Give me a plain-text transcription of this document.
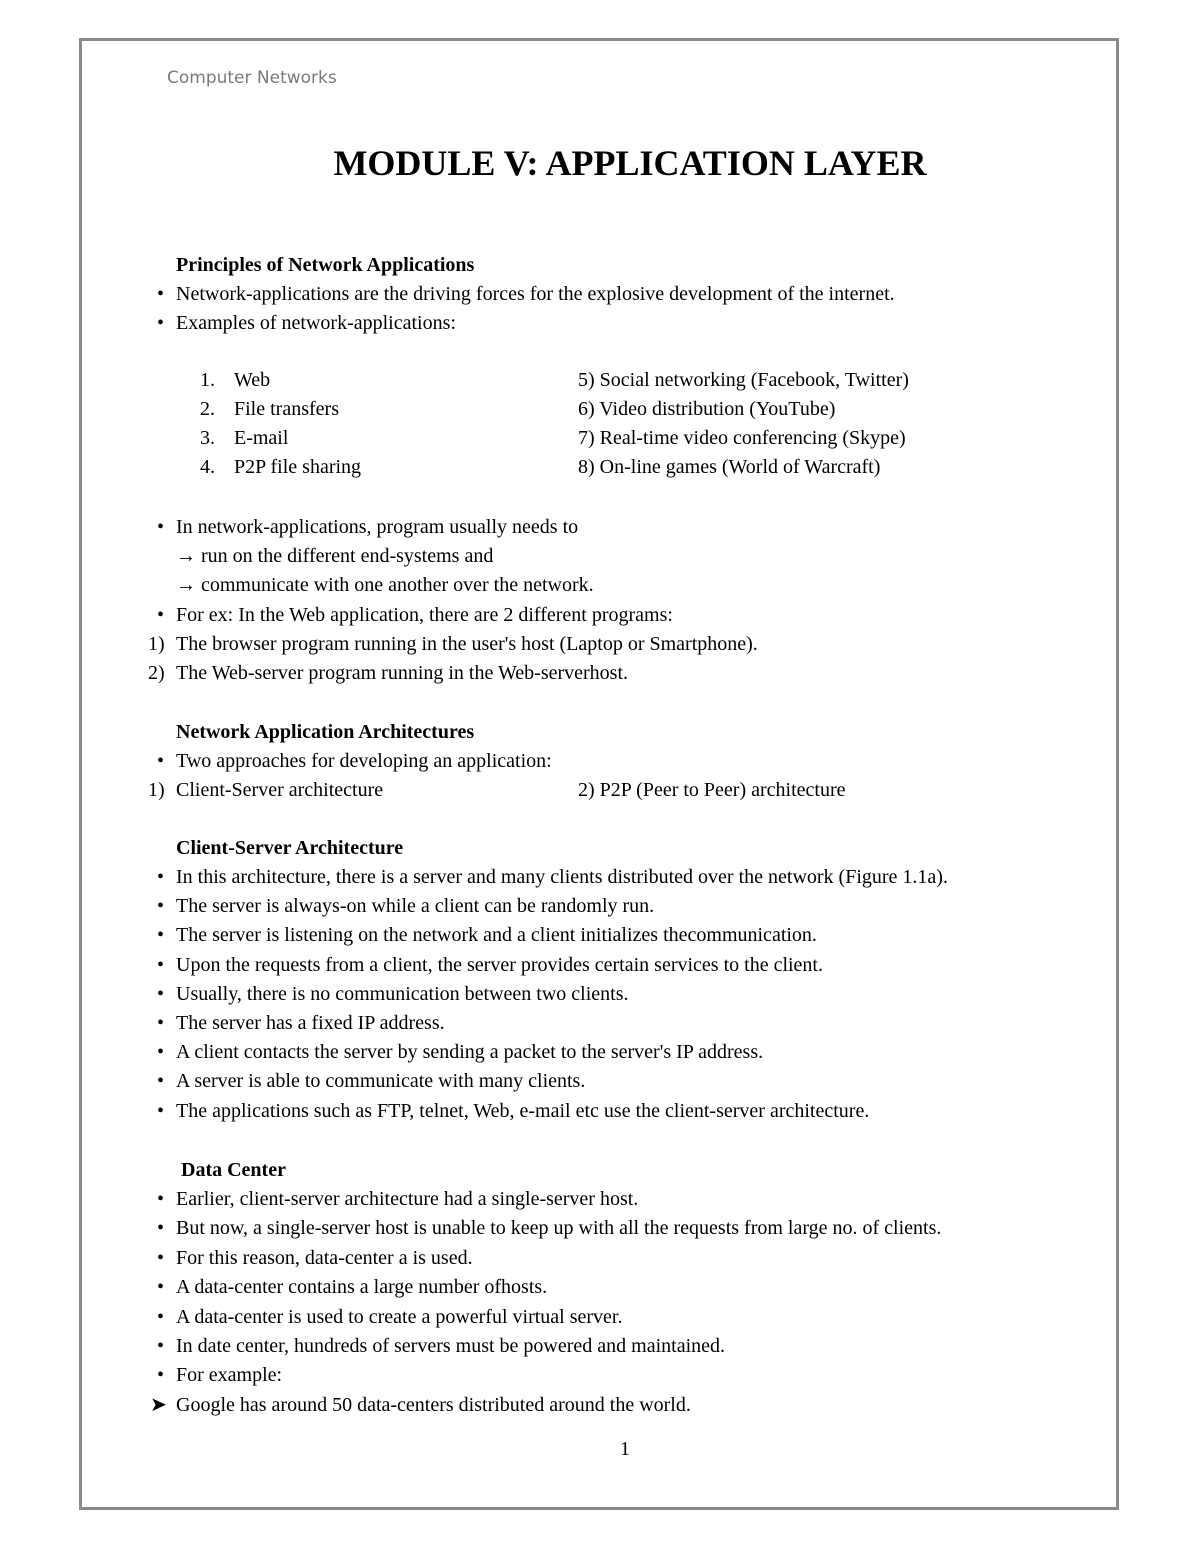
Computer Networks
MODULE V: APPLICATION LAYER
Principles of Network Applications
• Network-applications are the driving forces for the explosive development of the internet.
• Examples of network-applications:
1. Web
2. File transfers
3. E-mail
4. P2P file sharing
5) Social networking (Facebook, Twitter)
6) Video distribution (YouTube)
7) Real-time video conferencing (Skype)
8) On-line games (World of Warcraft)
• In network-applications, program usually needs to
→ run on the different end-systems and
→ communicate with one another over the network.
• For ex: In the Web application, there are 2 different programs:
1) The browser program running in the user's host (Laptop or Smartphone).
2) The Web-server program running in the Web-serverhost.
Network Application Architectures
• Two approaches for developing an application:
1) Client-Server architecture	2) P2P (Peer to Peer) architecture
Client-Server Architecture
• In this architecture, there is a server and many clients distributed over the network (Figure 1.1a).
• The server is always-on while a client can be randomly run.
• The server is listening on the network and a client initializes thecommunication.
• Upon the requests from a client, the server provides certain services to the client.
• Usually, there is no communication between two clients.
• The server has a fixed IP address.
• A client contacts the server by sending a packet to the server's IP address.
• A server is able to communicate with many clients.
• The applications such as FTP, telnet, Web, e-mail etc use the client-server architecture.
Data Center
• Earlier, client-server architecture had a single-server host.
• But now, a single-server host is unable to keep up with all the requests from large no. of clients.
• For this reason, data-center a is used.
• A data-center contains a large number ofhosts.
• A data-center is used to create a powerful virtual server.
• In date center, hundreds of servers must be powered and maintained.
• For example:
➤ Google has around 50 data-centers distributed around the world.
1
